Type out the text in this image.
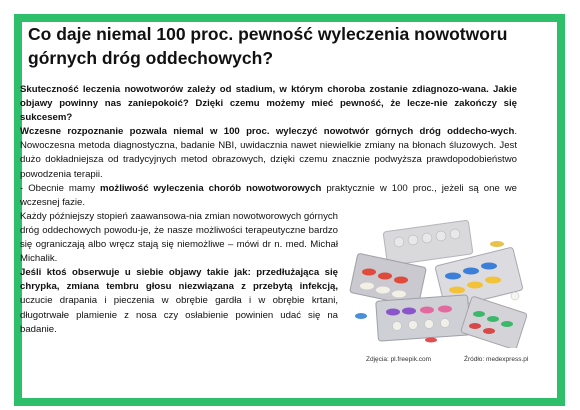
Co daje niemal 100 proc. pewność wyleczenia nowotworu górnych dróg oddechowych?

Skuteczność leczenia nowotworów zależy od stadium, w którym choroba zostanie zdiagnozo-wana. Jakie objawy powinny nas zaniepokoić? Dzięki czemu możemy mieć pewność, że lecze-nie zakończy się sukcesem?

Wczesne rozpoznanie pozwala niemal w 100 proc. wyleczyć nowotwór górnych dróg oddecho-wych. Nowoczesna metoda diagnostyczna, badanie NBI, uwidacznia nawet niewielkie zmiany na błonach śluzowych. Jest dużo dokładniejsza od tradycyjnych metod obrazowych, dzięki czemu znacznie podwyższa prawdopodobieństwo powodzenia terapii.

- Obecnie mamy możliwość wyleczenia chorób nowotworowych praktycznie w 100 proc., jeżeli są one we wczesnej fazie.

Każdy późniejszy stopień zaawansowa-nia zmian nowotworowych górnych dróg oddechowych powodu-je, że nasze możliwości terapeutyczne bardzo się ograniczają albo wręcz stają się niemożliwe – mówi dr n. med. Michał Michalik.

Jeśli ktoś obserwuje u siebie objawy takie jak: przedłużająca się chrypka, zmiana tembru głosu niezwiązana z przebytą infekcją, uczucie drapania i pieczenia w obrębie gardła i w obrębie krtani, długotrwałe plamienie z nosa czy osłabienie powinien udać się na badanie.

Zdjęcia: pl.freepik.com	Źródło: medexpress.pl
